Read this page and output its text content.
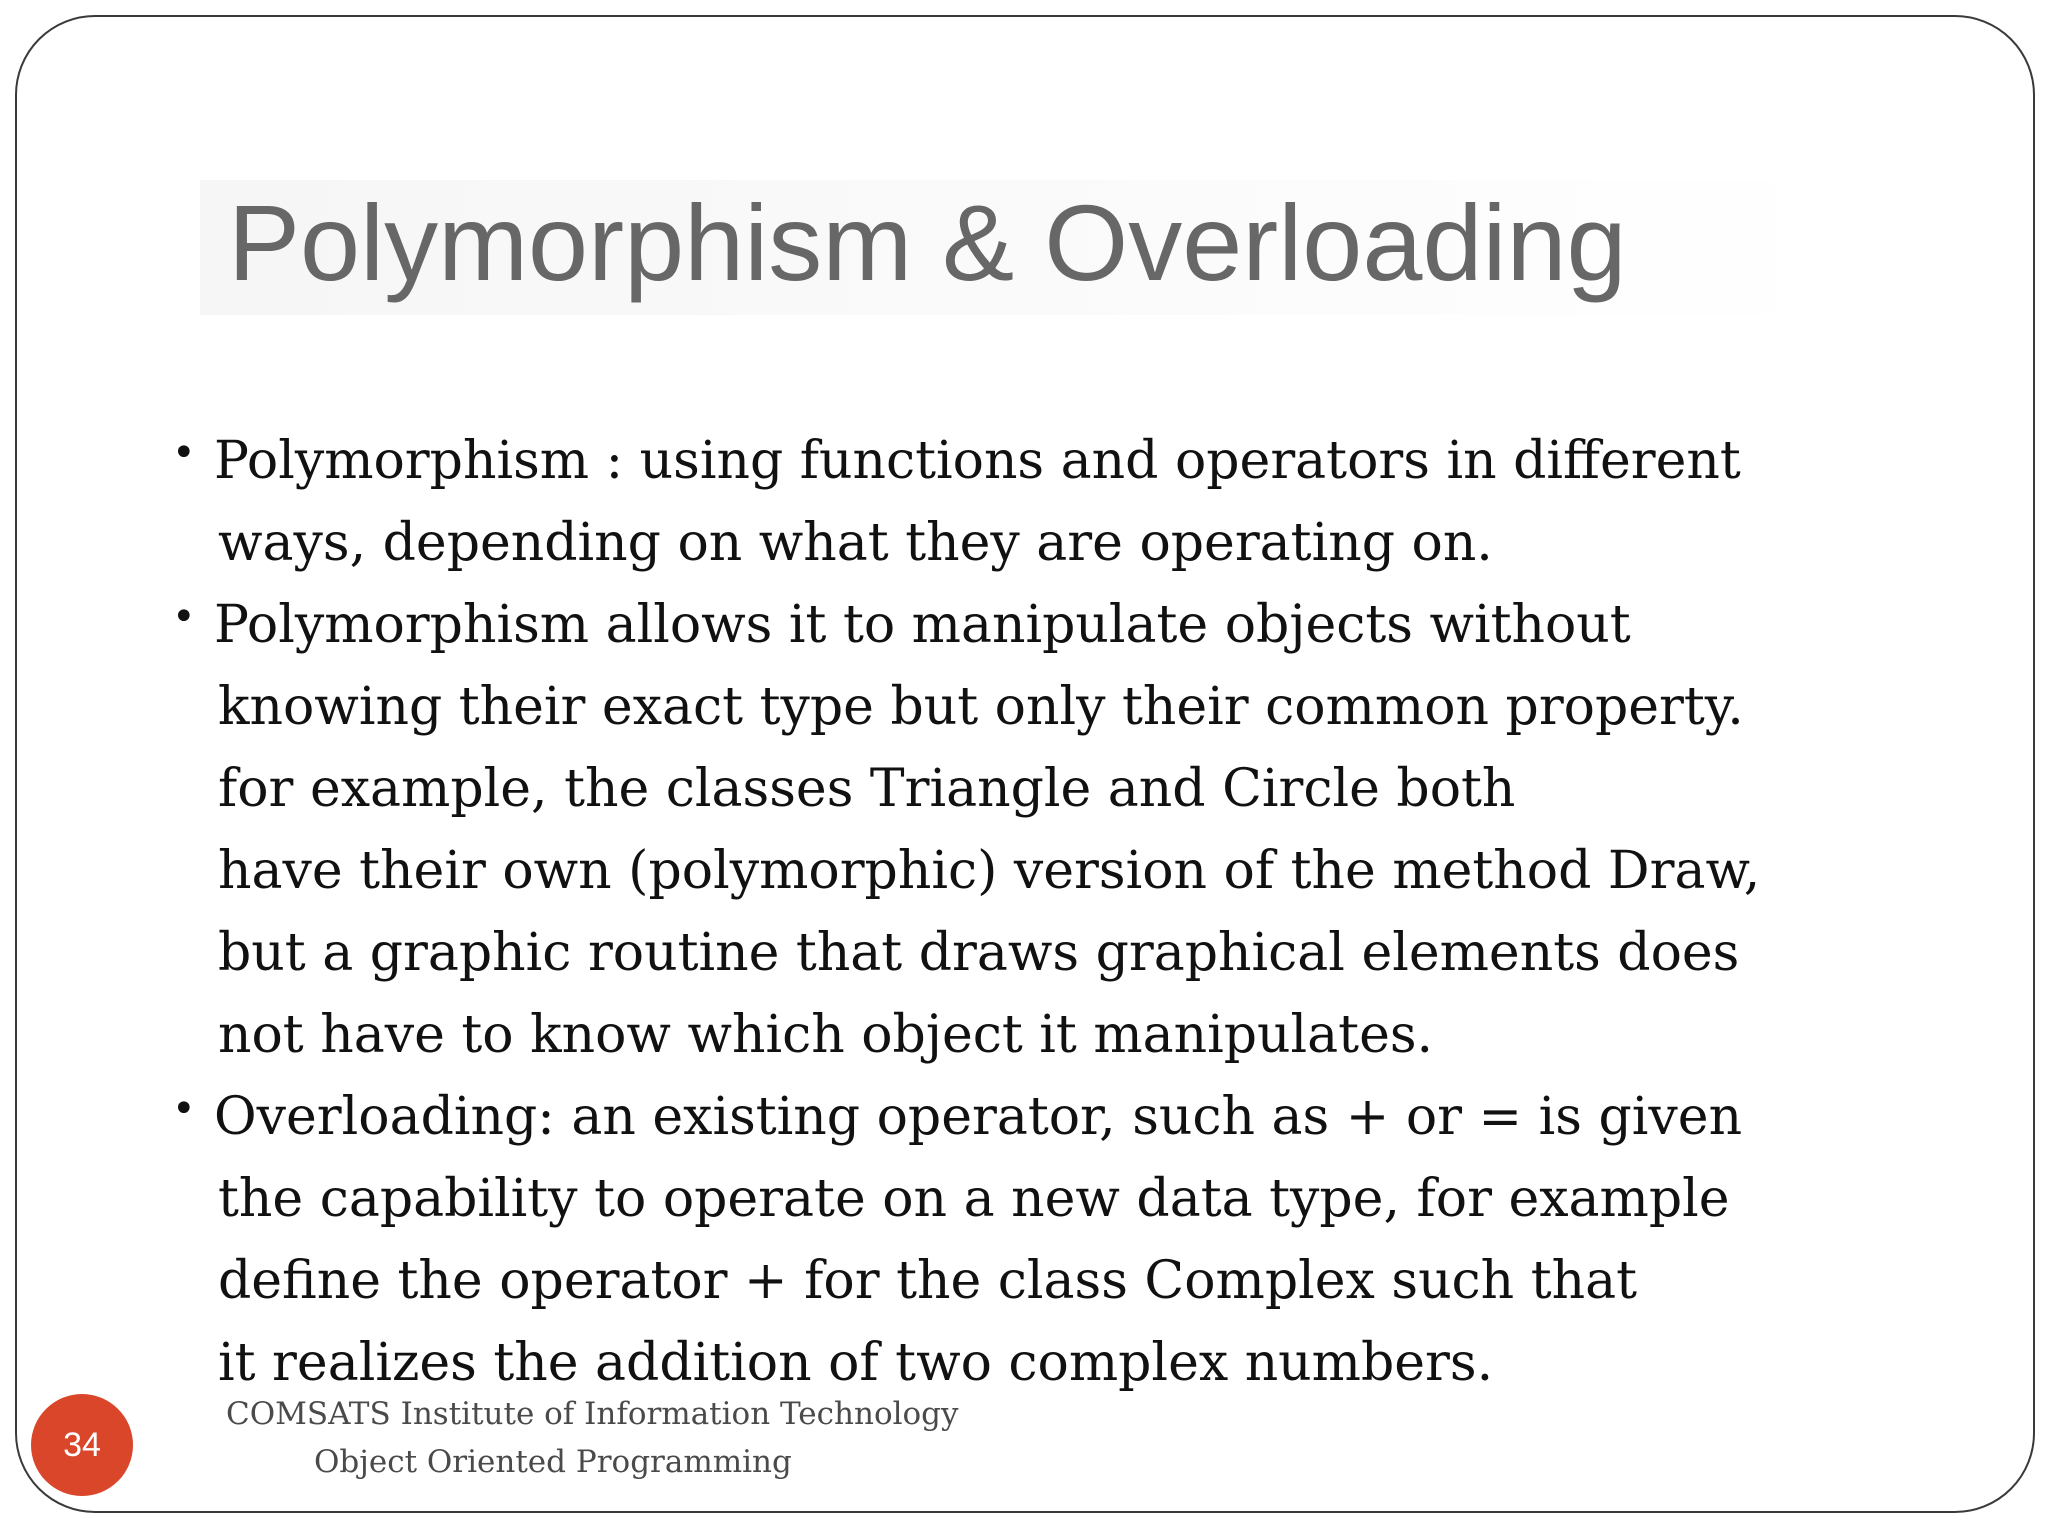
Polymorphism & Overloading
• Polymorphism : using functions and operators in different
ways, depending on what they are operating on.
• Polymorphism allows it to manipulate objects without
knowing their exact type but only their common property.
for example, the classes Triangle and Circle both
have their own (polymorphic) version of the method Draw,
but a graphic routine that draws graphical elements does
not have to know which object it manipulates.
• Overloading: an existing operator, such as + or = is given
the capability to operate on a new data type, for example
define the operator + for the class Complex such that
it realizes the addition of two complex numbers.
34
COMSATS Institute of Information Technology
Object Oriented Programming
